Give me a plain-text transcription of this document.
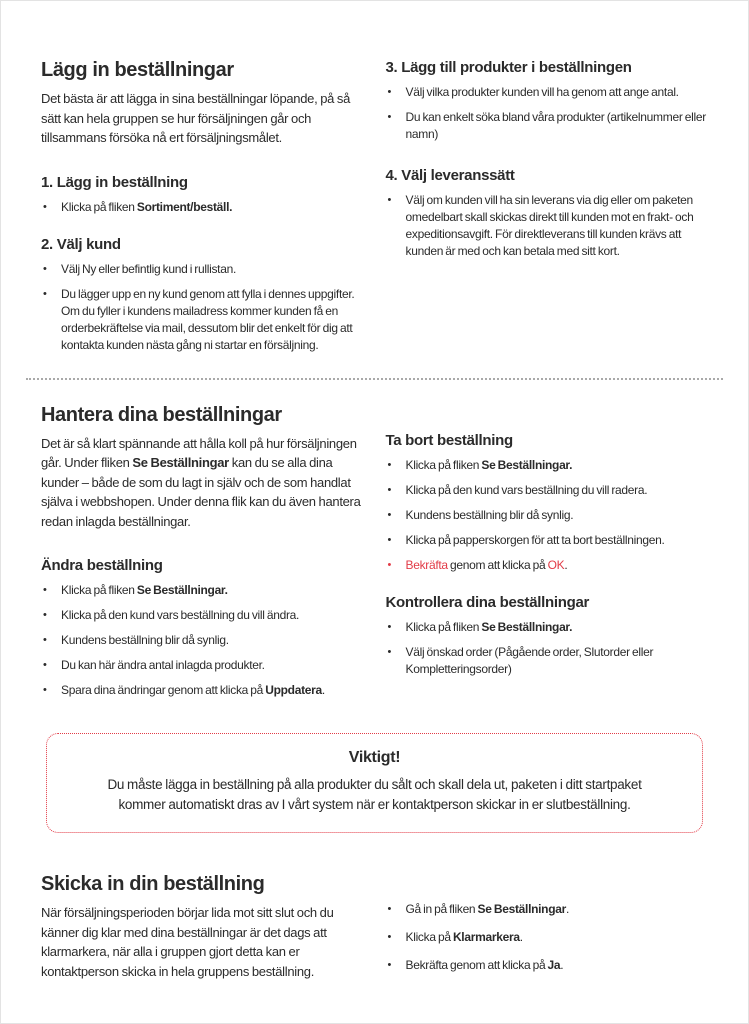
Lägg in beställningar

Det bästa är att lägga in sina beställningar löpande, på så sätt kan hela gruppen se hur försäljningen går och tillsammans försöka nå ert försäljningsmålet.

1. Lägg in beställning
•	Klicka på fliken Sortiment/beställ.
2. Välj kund
•	Välj Ny eller befintlig kund i rullistan.
•	Du lägger upp en ny kund genom att fylla i dennes uppgifter. Om du fyller i kundens mailadress kommer kunden få en orderbekräftelse via mail, dessutom blir det enkelt för dig att kontakta kunden nästa gång ni startar en försäljning.
3. Lägg till produkter i beställningen
•	Välj vilka produkter kunden vill ha genom att ange antal.
•	Du kan enkelt söka bland våra produkter (artikelnummer eller namn)
4. Välj leveranssätt
•	Välj om kunden vill ha sin leverans via dig eller om paketen omedelbart skall skickas direkt till kunden mot en frakt- och expeditionsavgift. För direktleverans till kunden krävs att kunden är med och kan betala med sitt kort.
Hantera dina beställningar

Det är så klart spännande att hålla koll på hur försäljningen går. Under fliken Se Beställningar kan du se alla dina kunder – både de som du lagt in själv och de som handlat själva i webbshopen. Under denna flik kan du även hantera redan inlagda beställningar.

Ändra beställning
•	Klicka på fliken Se Beställningar.
•	Klicka på den kund vars beställning du vill ändra.
•	Kundens beställning blir då synlig.
•	Du kan här ändra antal inlagda produkter.
•	Spara dina ändringar genom att klicka på Uppdatera.
Ta bort beställning
•	Klicka på fliken Se Beställningar.
•	Klicka på den kund vars beställning du vill radera.
•	Kundens beställning blir då synlig.
•	Klicka på papperskorgen för att ta bort beställningen.
•	Bekräfta genom att klicka på OK.
Kontrollera dina beställningar
•	Klicka på fliken Se Beställningar.
•	Välj önskad order (Pågående order, Slutorder eller Kompletteringsorder)
Viktigt!

Du måste lägga in beställning på alla produkter du sålt och skall dela ut, paketen i ditt startpaket kommer automatiskt dras av I vårt system när er kontaktperson skickar in er slutbeställning.

Skicka in din beställning

När försäljningsperioden börjar lida mot sitt slut och du känner dig klar med dina beställningar är det dags att klarmarkera, när alla i gruppen gjort detta kan er kontaktperson skicka in hela gruppens beställning.

•	Gå in på fliken Se Beställningar.
•	Klicka på Klarmarkera.
•	Bekräfta genom att klicka på Ja.
